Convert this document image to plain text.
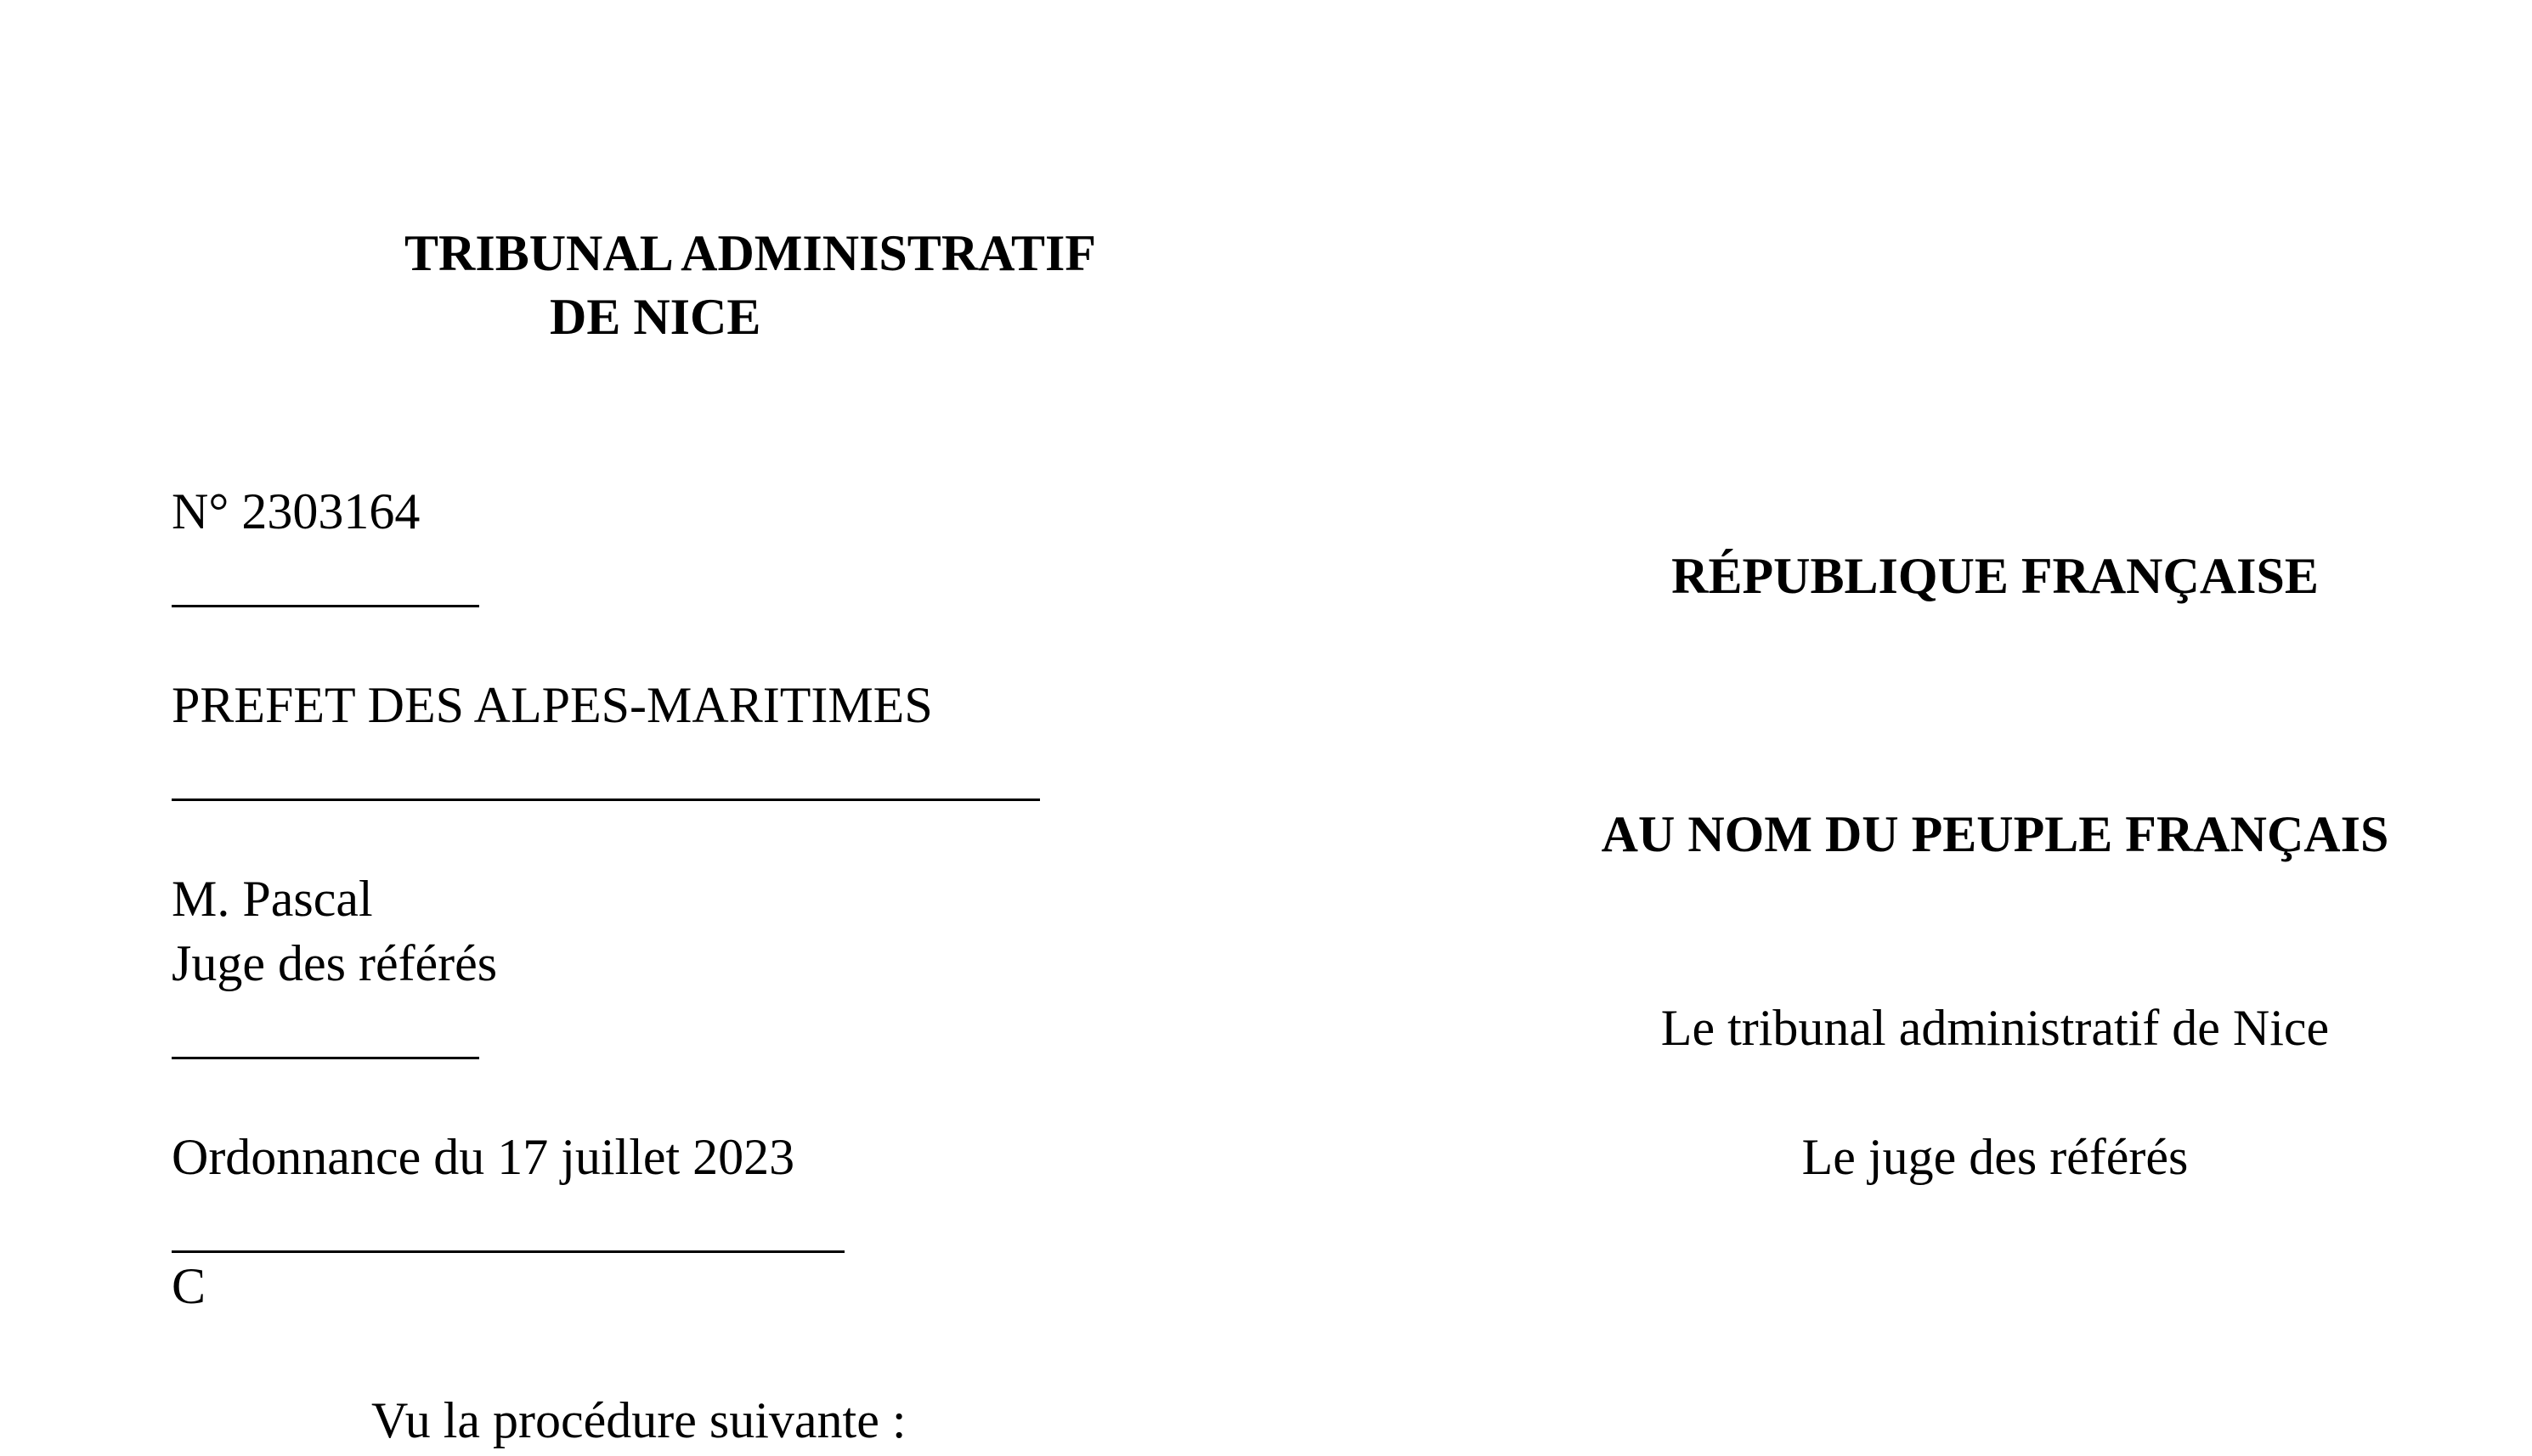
TRIBUNAL ADMINISTRATIF
DE NICE
N° 2303164
PREFET DES ALPES-MARITIMES
M. Pascal
Juge des référés
Ordonnance du 17 juillet 2023
C
RÉPUBLIQUE FRANÇAISE
AU NOM DU PEUPLE FRANÇAIS
Le tribunal administratif de Nice
Le juge des référés
Vu la procédure suivante :
